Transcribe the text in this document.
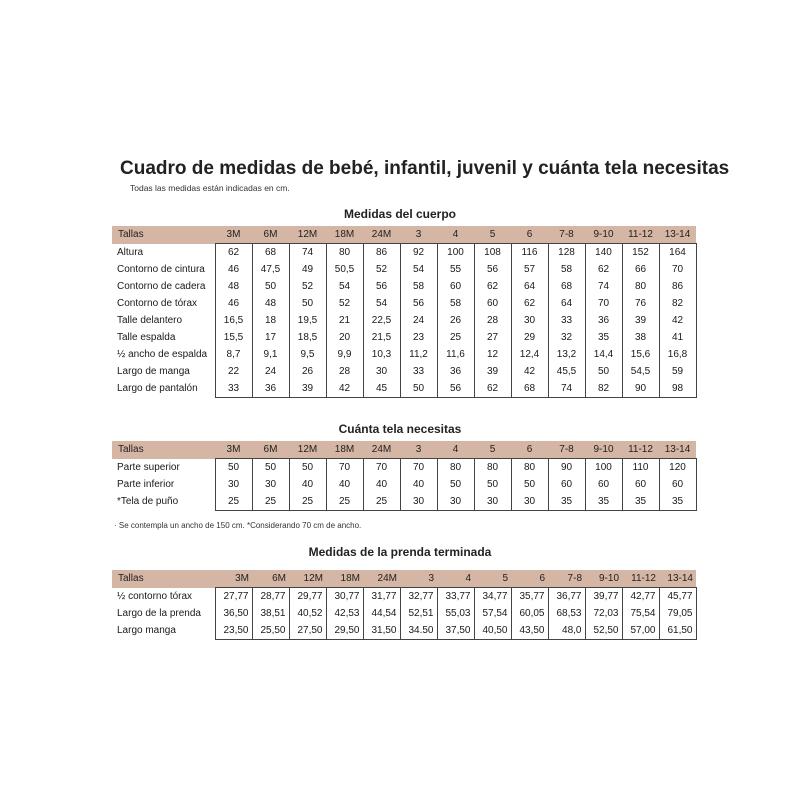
Cuadro de medidas de bebé, infantil, juvenil y cuánta tela necesitas
Todas las medidas están indicadas en cm.
Medidas del cuerpo
Tallas	3M	6M	12M	18M	24M	3	4	5	6	7-8	9-10	11-12	13-14
Altura	62	68	74	80	86	92	100	108	116	128	140	152	164
Contorno de cintura	46	47,5	49	50,5	52	54	55	56	57	58	62	66	70
Contorno de cadera	48	50	52	54	56	58	60	62	64	68	74	80	86
Contorno de tórax	46	48	50	52	54	56	58	60	62	64	70	76	82
Talle delantero	16,5	18	19,5	21	22,5	24	26	28	30	33	36	39	42
Talle espalda	15,5	17	18,5	20	21,5	23	25	27	29	32	35	38	41
½ ancho de espalda	8,7	9,1	9,5	9,9	10,3	11,2	11,6	12	12,4	13,2	14,4	15,6	16,8
Largo de manga	22	24	26	28	30	33	36	39	42	45,5	50	54,5	59
Largo de pantalón	33	36	39	42	45	50	56	62	68	74	82	90	98
Cuánta tela necesitas
Tallas	3M	6M	12M	18M	24M	3	4	5	6	7-8	9-10	11-12	13-14
Parte superior	50	50	50	70	70	70	80	80	80	90	100	110	120
Parte inferior	30	30	40	40	40	40	50	50	50	60	60	60	60
*Tela de puño	25	25	25	25	25	30	30	30	30	35	35	35	35
· Se contempla un ancho de 150 cm. *Considerando 70 cm de ancho.
Medidas de la prenda terminada
Tallas	3M	6M	12M	18M	24M	3	4	5	6	7-8	9-10	11-12	13-14
½ contorno tórax	27,77	28,77	29,77	30,77	31,77	32,77	33,77	34,77	35,77	36,77	39,77	42,77	45,77
Largo de la prenda	36,50	38,51	40,52	42,53	44,54	52,51	55,03	57,54	60,05	68,53	72,03	75,54	79,05
Largo manga	23,50	25,50	27,50	29,50	31,50	34.50	37,50	40,50	43,50	48,0	52,50	57,00	61,50
